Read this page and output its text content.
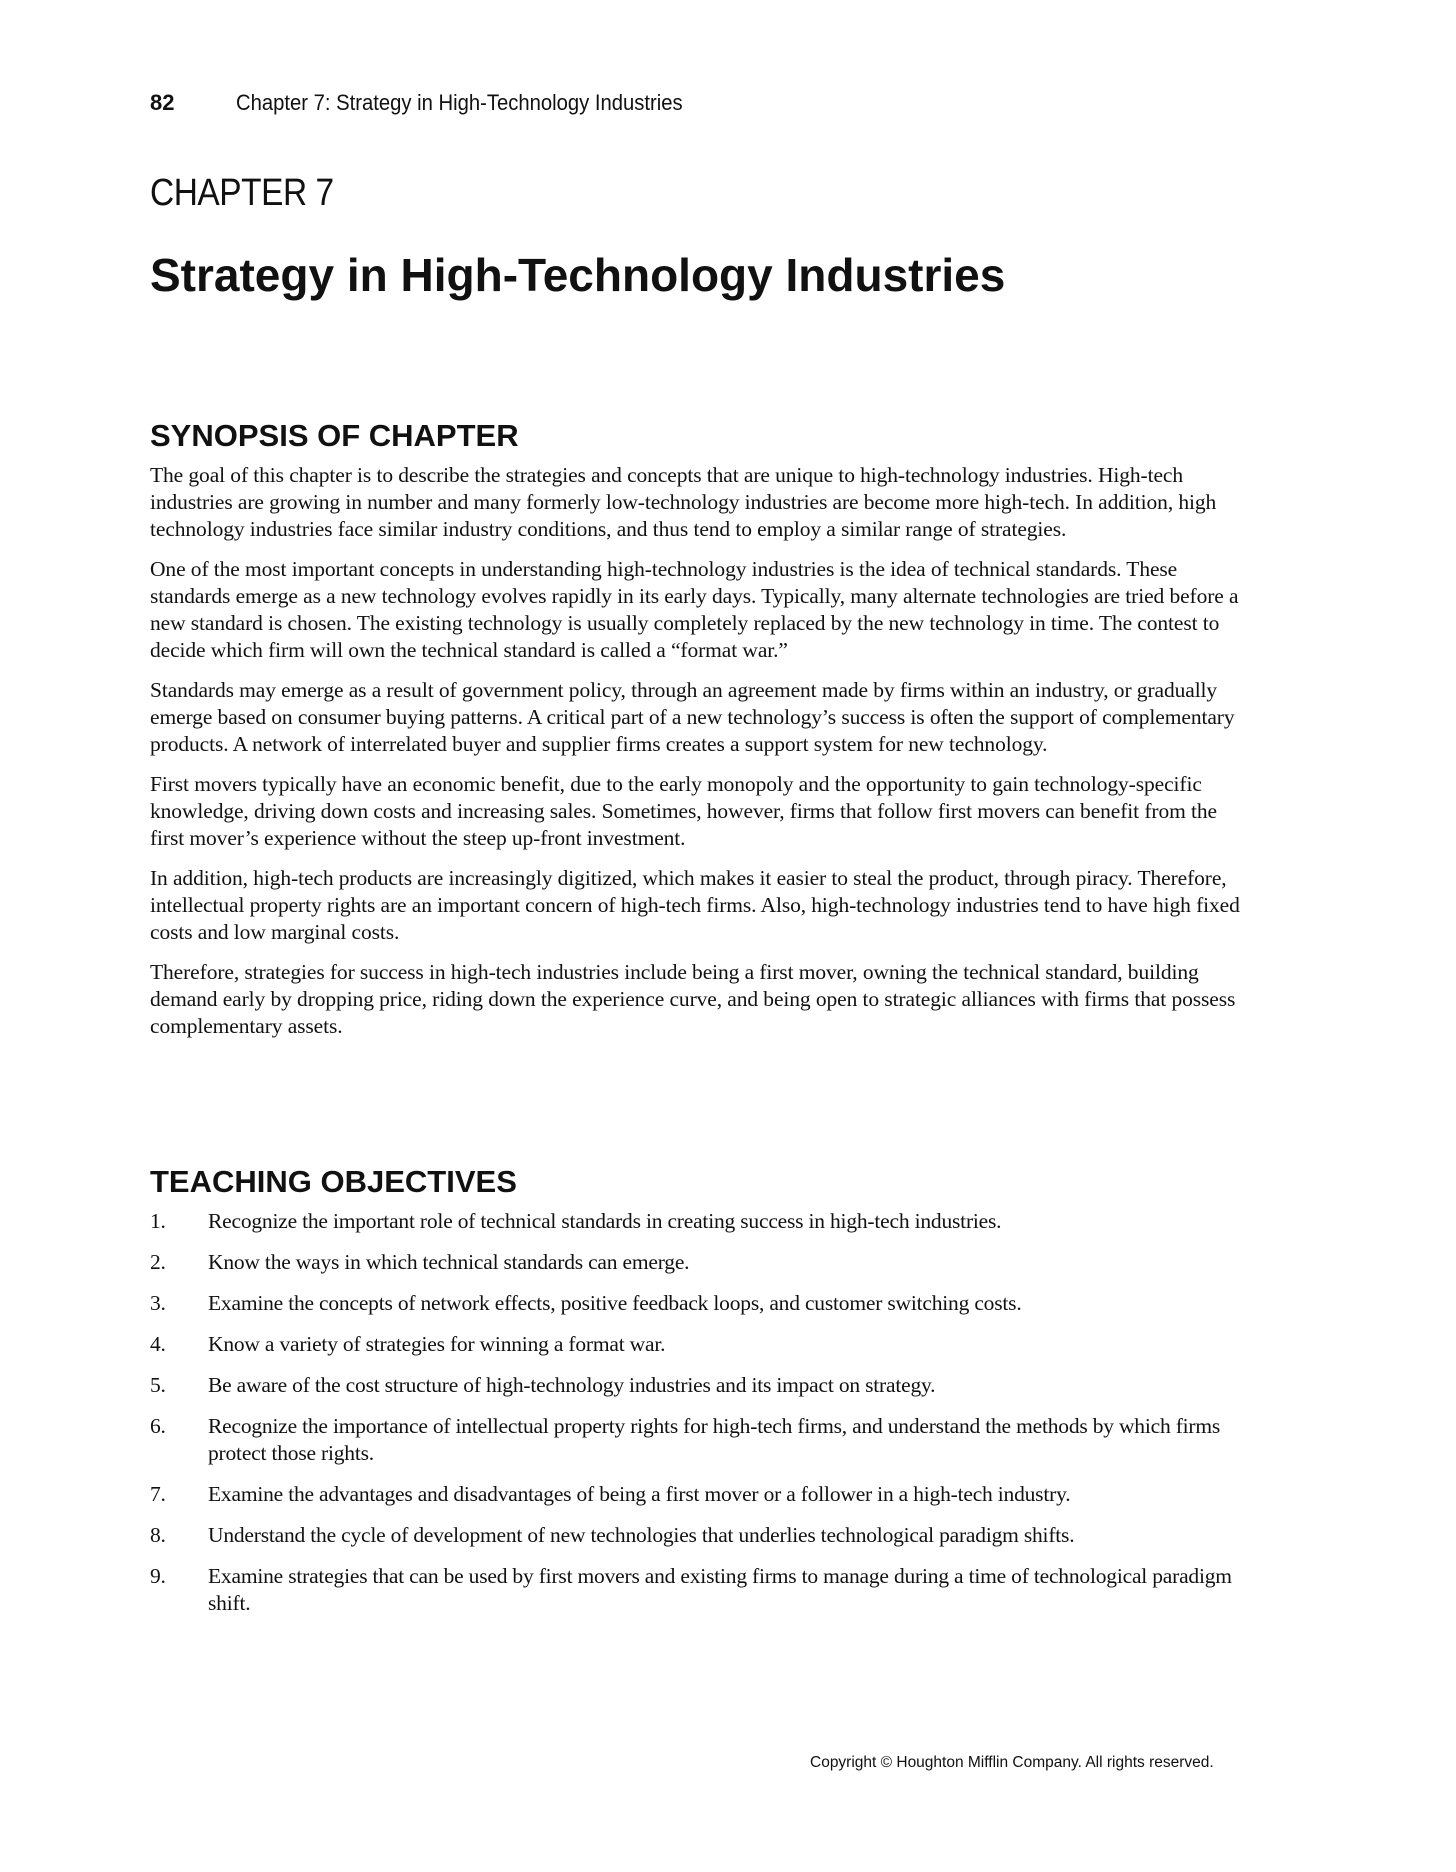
82	Chapter 7: Strategy in High-Technology Industries
CHAPTER 7
Strategy in High-Technology Industries
SYNOPSIS OF CHAPTER

The goal of this chapter is to describe the strategies and concepts that are unique to high-technology industries. High-tech industries are growing in number and many formerly low-technology industries are become more high-tech. In addition, high technology industries face similar industry conditions, and thus tend to employ a similar range of strategies.

One of the most important concepts in understanding high-technology industries is the idea of technical standards. These standards emerge as a new technology evolves rapidly in its early days. Typically, many alternate technologies are tried before a new standard is chosen. The existing technology is usually completely replaced by the new technology in time. The contest to decide which firm will own the technical standard is called a “format war.”

Standards may emerge as a result of government policy, through an agreement made by firms within an industry, or gradually emerge based on consumer buying patterns. A critical part of a new technology’s success is often the support of complementary products. A network of interrelated buyer and supplier firms creates a support system for new technology.

First movers typically have an economic benefit, due to the early monopoly and the opportunity to gain technology-specific knowledge, driving down costs and increasing sales. Sometimes, however, firms that follow first movers can benefit from the first mover’s experience without the steep up-front investment.

In addition, high-tech products are increasingly digitized, which makes it easier to steal the product, through piracy. Therefore, intellectual property rights are an important concern of high-tech firms. Also, high-technology industries tend to have high fixed costs and low marginal costs.

Therefore, strategies for success in high-tech industries include being a first mover, owning the technical standard, building demand early by dropping price, riding down the experience curve, and being open to strategic alliances with firms that possess complementary assets.

TEACHING OBJECTIVES
1.	Recognize the important role of technical standards in creating success in high-tech industries.
2.	Know the ways in which technical standards can emerge.
3.	Examine the concepts of network effects, positive feedback loops, and customer switching costs.
4.	Know a variety of strategies for winning a format war.
5.	Be aware of the cost structure of high-technology industries and its impact on strategy.
6.	Recognize the importance of intellectual property rights for high-tech firms, and understand the methods by which firms protect those rights.
7.	Examine the advantages and disadvantages of being a first mover or a follower in a high-tech industry.
8.	Understand the cycle of development of new technologies that underlies technological paradigm shifts.
9.	Examine strategies that can be used by first movers and existing firms to manage during a time of technological paradigm shift.
Copyright © Houghton Mifflin Company. All rights reserved.
